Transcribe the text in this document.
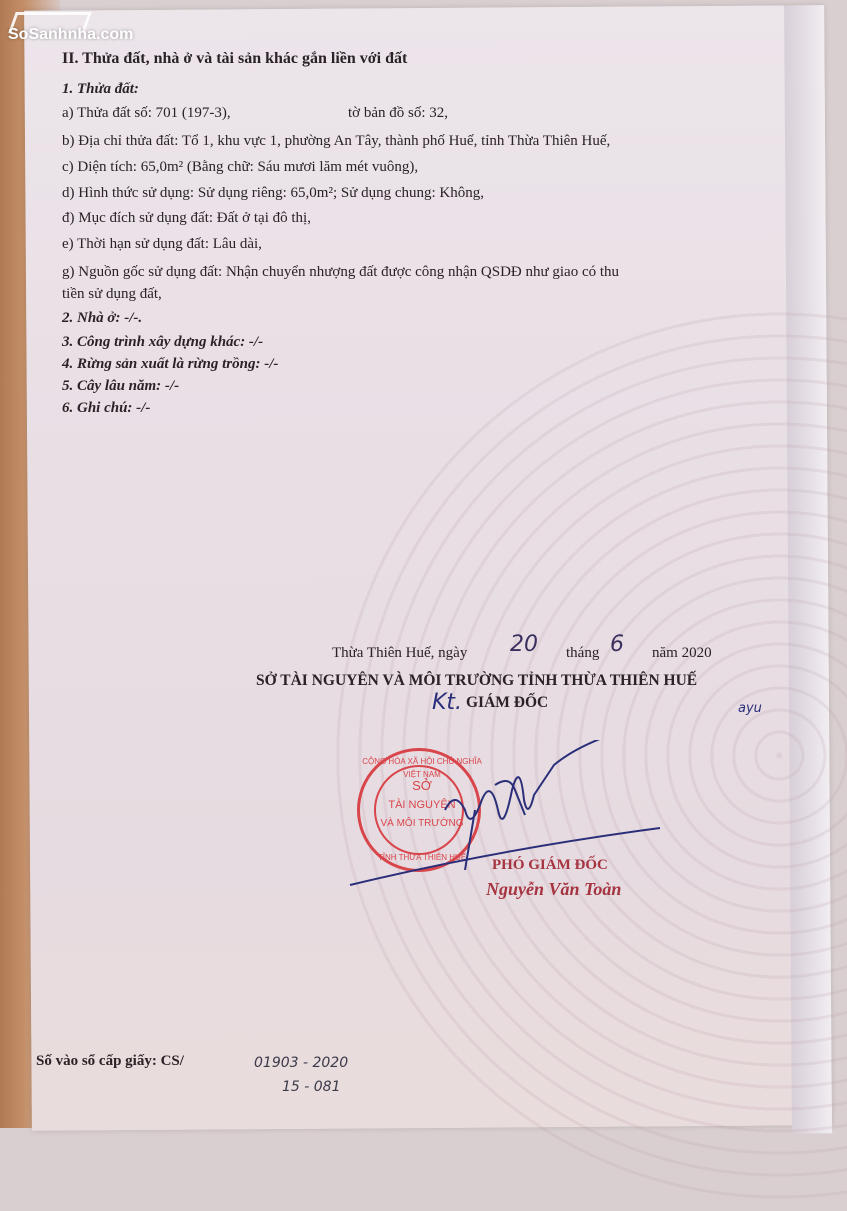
SoSanhnha.com
II. Thửa đất, nhà ở và tài sản khác gắn liền với đất
1. Thửa đất:
a) Thửa đất số: 701 (197-3),	tờ bản đồ số: 32,
b) Địa chỉ thửa đất: Tổ 1, khu vực 1, phường An Tây, thành phố Huế, tỉnh Thừa Thiên Huế,
c) Diện tích: 65,0m² (Bằng chữ: Sáu mươi lăm mét vuông),
d) Hình thức sử dụng: Sử dụng riêng: 65,0m²; Sử dụng chung: Không,
đ) Mục đích sử dụng đất: Đất ở tại đô thị,
e) Thời hạn sử dụng đất: Lâu dài,
g) Nguồn gốc sử dụng đất: Nhận chuyển nhượng đất được công nhận QSDĐ như giao có thu
tiền sử dụng đất,
2. Nhà ở: -/-.
3. Công trình xây dựng khác: -/-
4. Rừng sản xuất là rừng trồng: -/-
5. Cây lâu năm: -/-
6. Ghi chú: -/-
Thừa Thiên Huế, ngày 20 tháng 6 năm 2020
SỞ TÀI NGUYÊN VÀ MÔI TRƯỜNG TỈNH THỪA THIÊN HUẾ
Kt. GIÁM ĐỐC	ayu
CỘNG HÒA XÃ HỘI CHỦ NGHĨA VIỆT NAM
TỈNH THỪA THIÊN HUẾ
SỞ
TÀI NGUYÊN
VÀ MÔI TRƯỜNG
PHÓ GIÁM ĐỐC
Nguyễn Văn Toàn
Số vào sổ cấp giấy: CS/	01903 - 2020
15 - 081
